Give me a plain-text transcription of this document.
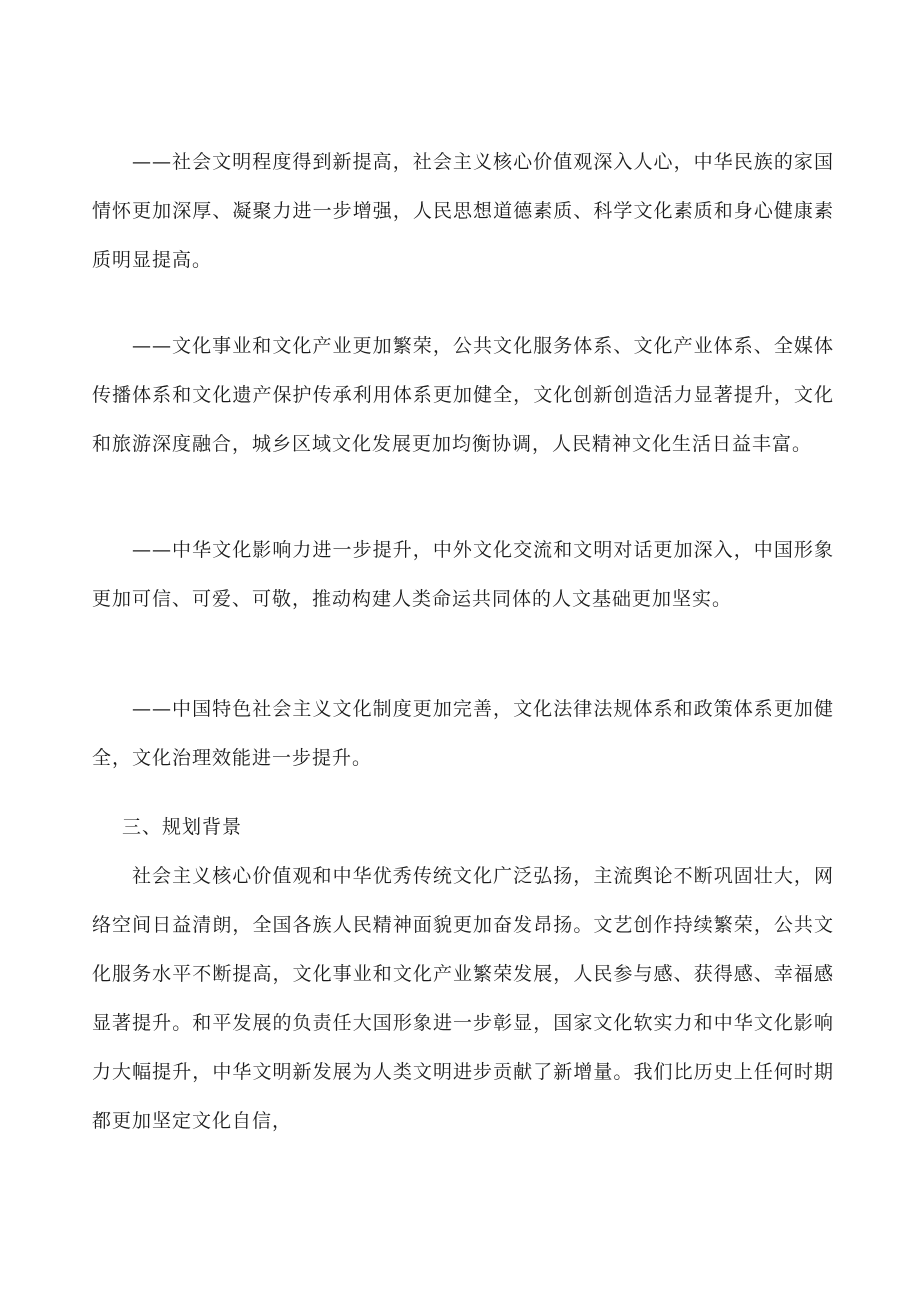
——社会文明程度得到新提高，社会主义核心价值观深入人心，中华民族的家国情怀更加深厚、凝聚力进一步增强，人民思想道德素质、科学文化素质和身心健康素质明显提高。

——文化事业和文化产业更加繁荣，公共文化服务体系、文化产业体系、全媒体传播体系和文化遗产保护传承利用体系更加健全，文化创新创造活力显著提升，文化和旅游深度融合，城乡区域文化发展更加均衡协调，人民精神文化生活日益丰富。

——中华文化影响力进一步提升，中外文化交流和文明对话更加深入，中国形象更加可信、可爱、可敬，推动构建人类命运共同体的人文基础更加坚实。

——中国特色社会主义文化制度更加完善，文化法律法规体系和政策体系更加健全，文化治理效能进一步提升。

三、规划背景

社会主义核心价值观和中华优秀传统文化广泛弘扬，主流舆论不断巩固壮大，网络空间日益清朗，全国各族人民精神面貌更加奋发昂扬。文艺创作持续繁荣，公共文化服务水平不断提高，文化事业和文化产业繁荣发展，人民参与感、获得感、幸福感显著提升。和平发展的负责任大国形象进一步彰显，国家文化软实力和中华文化影响力大幅提升，中华文明新发展为人类文明进步贡献了新增量。我们比历史上任何时期都更加坚定文化自信，
